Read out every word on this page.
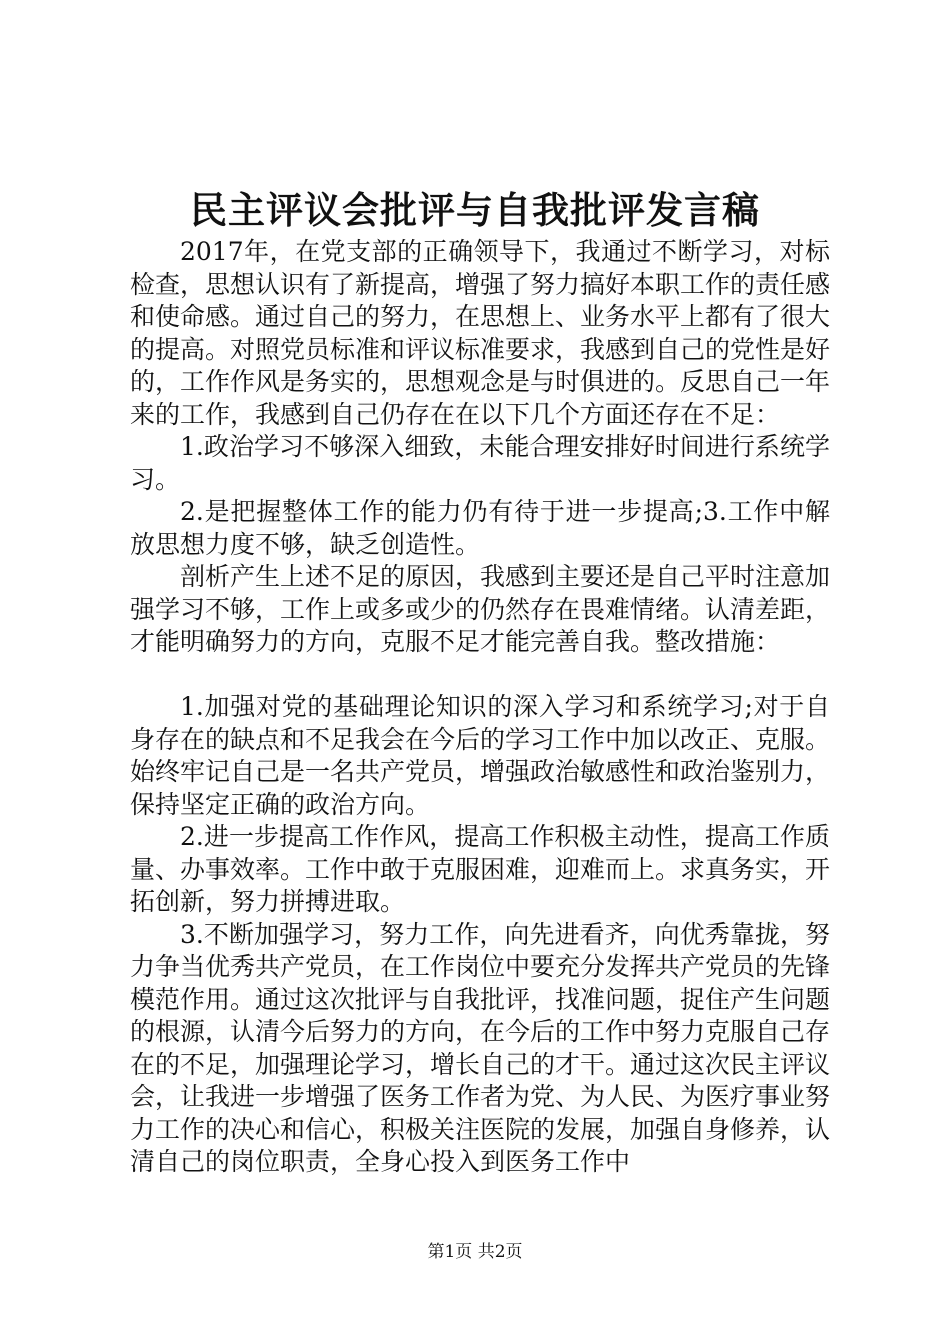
民主评议会批评与自我批评发言稿

2017年，在党支部的正确领导下，我通过不断学习，对标检查，思想认识有了新提高，增强了努力搞好本职工作的责任感和使命感。通过自己的努力，在思想上、业务水平上都有了很大的提高。对照党员标准和评议标准要求，我感到自己的党性是好的，工作作风是务实的，思想观念是与时俱进的。反思自己一年来的工作，我感到自己仍存在在以下几个方面还存在不足：

1.政治学习不够深入细致，未能合理安排好时间进行系统学习。

2.是把握整体工作的能力仍有待于进一步提高;3.工作中解放思想力度不够，缺乏创造性。

剖析产生上述不足的原因，我感到主要还是自己平时注意加强学习不够，工作上或多或少的仍然存在畏难情绪。认清差距，才能明确努力的方向，克服不足才能完善自我。整改措施：

1.加强对党的基础理论知识的深入学习和系统学习;对于自身存在的缺点和不足我会在今后的学习工作中加以改正、克服。始终牢记自己是一名共产党员，增强政治敏感性和政治鉴别力，保持坚定正确的政治方向。

2.进一步提高工作作风，提高工作积极主动性，提高工作质量、办事效率。工作中敢于克服困难，迎难而上。求真务实，开拓创新，努力拼搏进取。

3.不断加强学习，努力工作，向先进看齐，向优秀靠拢，努力争当优秀共产党员，在工作岗位中要充分发挥共产党员的先锋模范作用。通过这次批评与自我批评，找准问题，捉住产生问题的根源，认清今后努力的方向，在今后的工作中努力克服自己存在的不足，加强理论学习，增长自己的才干。通过这次民主评议会，让我进一步增强了医务工作者为党、为人民、为医疗事业努力工作的决心和信心，积极关注医院的发展，加强自身修养，认清自己的岗位职责，全身心投入到医务工作中

第1页 共2页
